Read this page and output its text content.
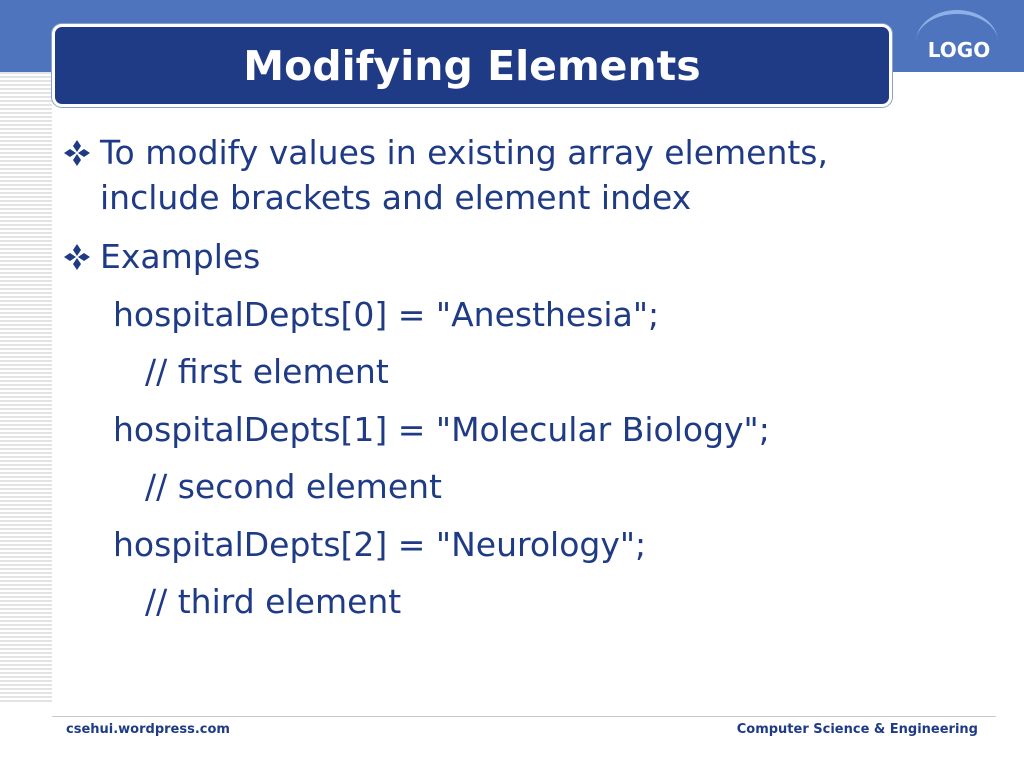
Modifying Elements	LOGO
To modify values in existing array elements,
include brackets and element index
Examples
hospitalDepts[0] = "Anesthesia";
// first element
hospitalDepts[1] = "Molecular Biology";
// second element
hospitalDepts[2] = "Neurology";
// third element
csehui.wordpress.com	Computer Science & Engineering
